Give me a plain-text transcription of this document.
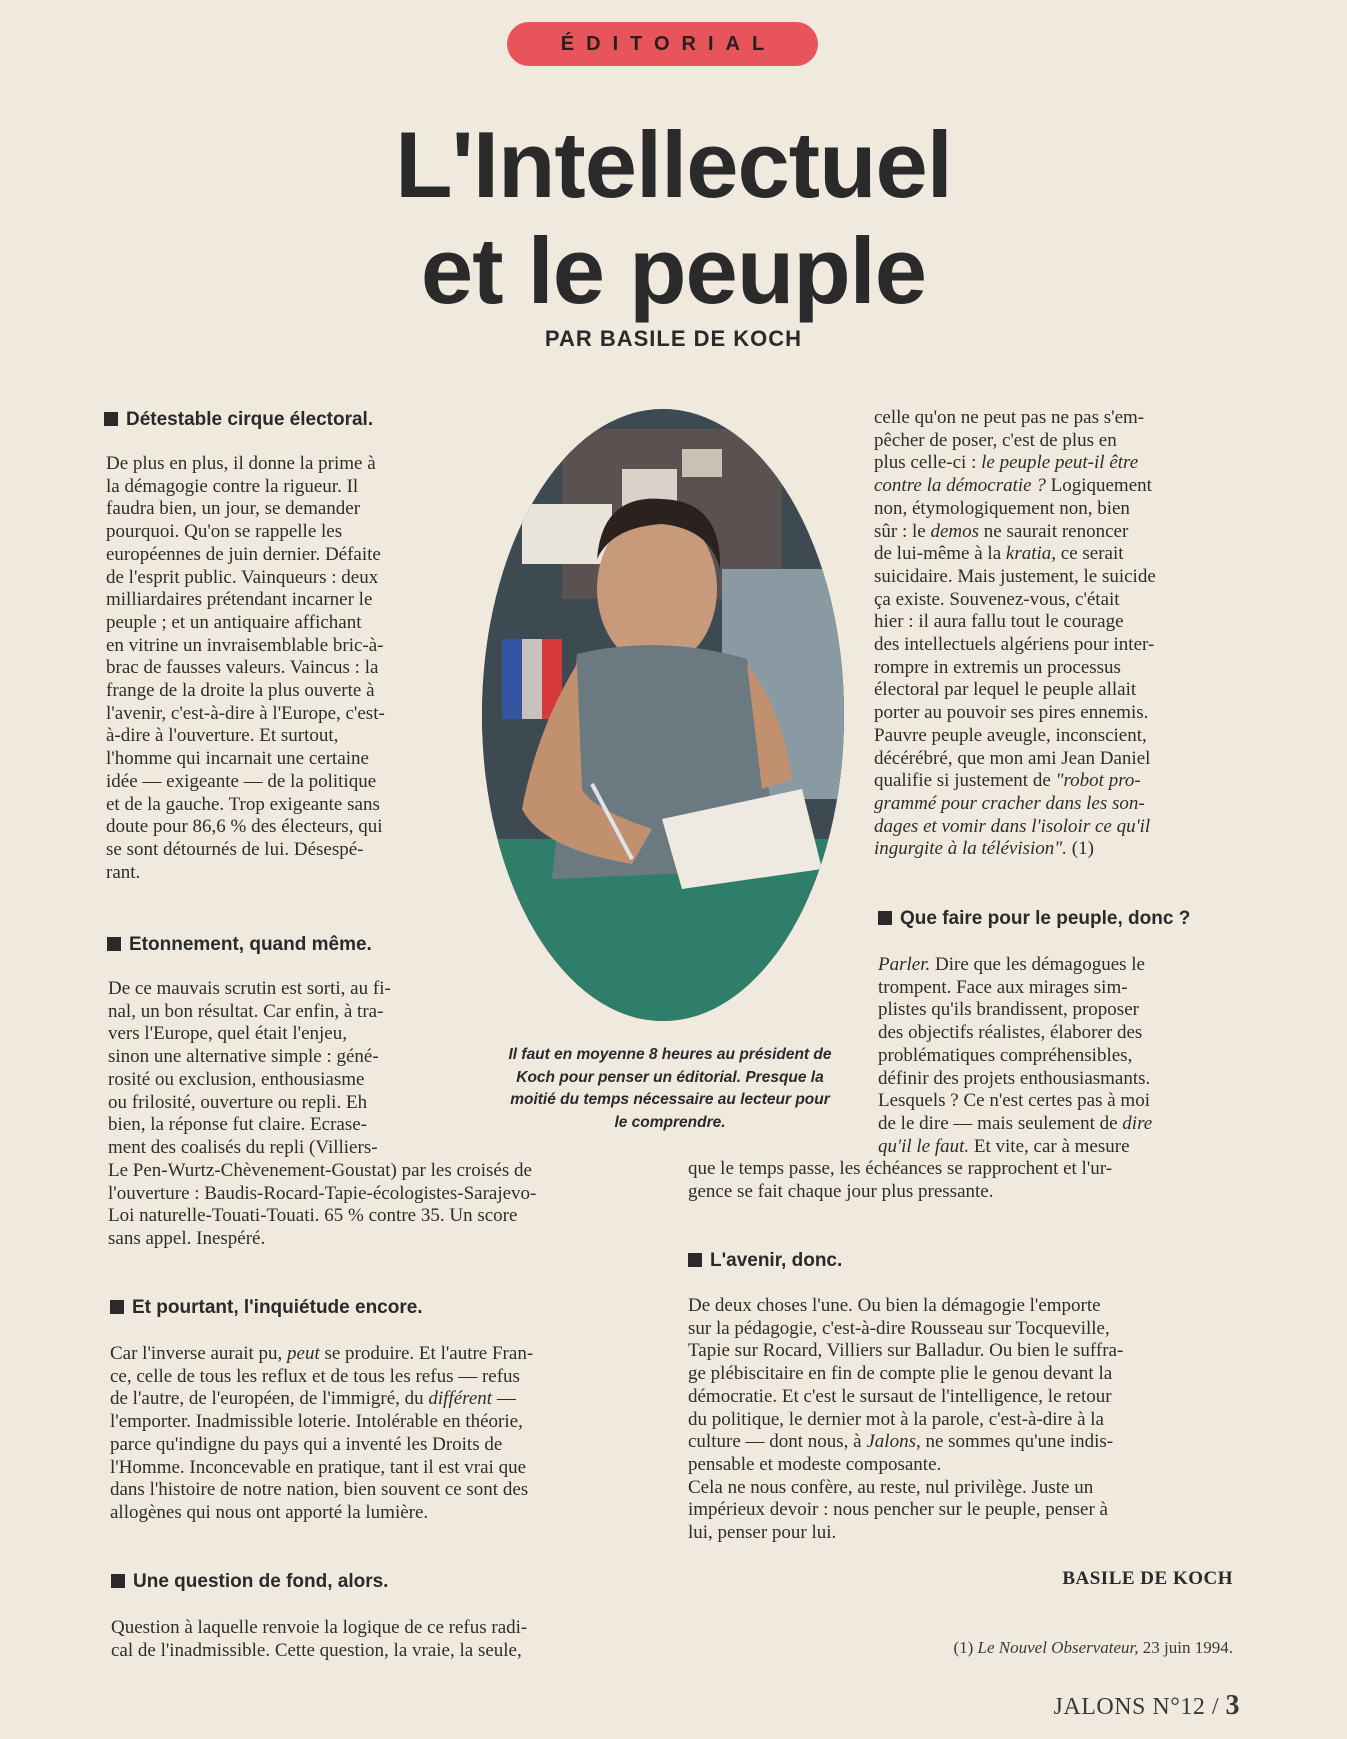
ÉDITORIAL
L'Intellectuel
et le peuple
PAR BASILE DE KOCH
Détestable cirque électoral.

De plus en plus, il donne la prime à

la démagogie contre la rigueur. Il

faudra bien, un jour, se demander

pourquoi. Qu'on se rappelle les

européennes de juin dernier. Défaite

de l'esprit public. Vainqueurs : deux

milliardaires prétendant incarner le

peuple ; et un antiquaire affichant

en vitrine un invraisemblable bric-à-

brac de fausses valeurs. Vaincus : la

frange de la droite la plus ouverte à

l'avenir, c'est-à-dire à l'Europe, c'est-

à-dire à l'ouverture. Et surtout,

l'homme qui incarnait une certaine

idée — exigeante — de la politique

et de la gauche. Trop exigeante sans

doute pour 86,6 % des électeurs, qui

se sont détournés de lui. Désespé-

rant.

Etonnement, quand même.

De ce mauvais scrutin est sorti, au fi-

nal, un bon résultat. Car enfin, à tra-

vers l'Europe, quel était l'enjeu,

sinon une alternative simple : géné-

rosité ou exclusion, enthousiasme

ou frilosité, ouverture ou repli. Eh

bien, la réponse fut claire. Ecrase-

ment des coalisés du repli (Villiers-

Le Pen-Wurtz-Chèvenement-Goustat) par les croisés de

l'ouverture : Baudis-Rocard-Tapie-écologistes-Sarajevo-

Loi naturelle-Touati-Touati. 65 % contre 35. Un score

sans appel. Inespéré.

Et pourtant, l'inquiétude encore.

Car l'inverse aurait pu, peut se produire. Et l'autre Fran-

ce, celle de tous les reflux et de tous les refus — refus

de l'autre, de l'européen, de l'immigré, du différent —

l'emporter. Inadmissible loterie. Intolérable en théorie,

parce qu'indigne du pays qui a inventé les Droits de

l'Homme. Inconcevable en pratique, tant il est vrai que

dans l'histoire de notre nation, bien souvent ce sont des

allogènes qui nous ont apporté la lumière.

Une question de fond, alors.

Question à laquelle renvoie la logique de ce refus radi-

cal de l'inadmissible. Cette question, la vraie, la seule,

Il faut en moyenne 8 heures au président de
Koch pour penser un éditorial. Presque la
moitié du temps nécessaire au lecteur pour
le comprendre.

celle qu'on ne peut pas ne pas s'em-

pêcher de poser, c'est de plus en

plus celle-ci : le peuple peut-il être

contre la démocratie ? Logiquement

non, étymologiquement non, bien

sûr : le demos ne saurait renoncer

de lui-même à la kratia, ce serait

suicidaire. Mais justement, le suicide

ça existe. Souvenez-vous, c'était

hier : il aura fallu tout le courage

des intellectuels algériens pour inter-

rompre in extremis un processus

électoral par lequel le peuple allait

porter au pouvoir ses pires ennemis.

Pauvre peuple aveugle, inconscient,

décérébré, que mon ami Jean Daniel

qualifie si justement de "robot pro-

grammé pour cracher dans les son-

dages et vomir dans l'isoloir ce qu'il

ingurgite à la télévision". (1)

Que faire pour le peuple, donc ?

Parler. Dire que les démagogues le

trompent. Face aux mirages sim-

plistes qu'ils brandissent, proposer

des objectifs réalistes, élaborer des

problématiques compréhensibles,

définir des projets enthousiasmants.

Lesquels ? Ce n'est certes pas à moi

de le dire — mais seulement de dire

qu'il le faut. Et vite, car à mesure

que le temps passe, les échéances se rapprochent et l'ur-

gence se fait chaque jour plus pressante.

L'avenir, donc.

De deux choses l'une. Ou bien la démagogie l'emporte

sur la pédagogie, c'est-à-dire Rousseau sur Tocqueville,

Tapie sur Rocard, Villiers sur Balladur. Ou bien le suffra-

ge plébiscitaire en fin de compte plie le genou devant la

démocratie. Et c'est le sursaut de l'intelligence, le retour

du politique, le dernier mot à la parole, c'est-à-dire à la

culture — dont nous, à Jalons, ne sommes qu'une indis-

pensable et modeste composante.

Cela ne nous confère, au reste, nul privilège. Juste un

impérieux devoir : nous pencher sur le peuple, penser à

lui, penser pour lui.

BASILE DE KOCH
(1) Le Nouvel Observateur, 23 juin 1994.
JALONS N°12 / 3
